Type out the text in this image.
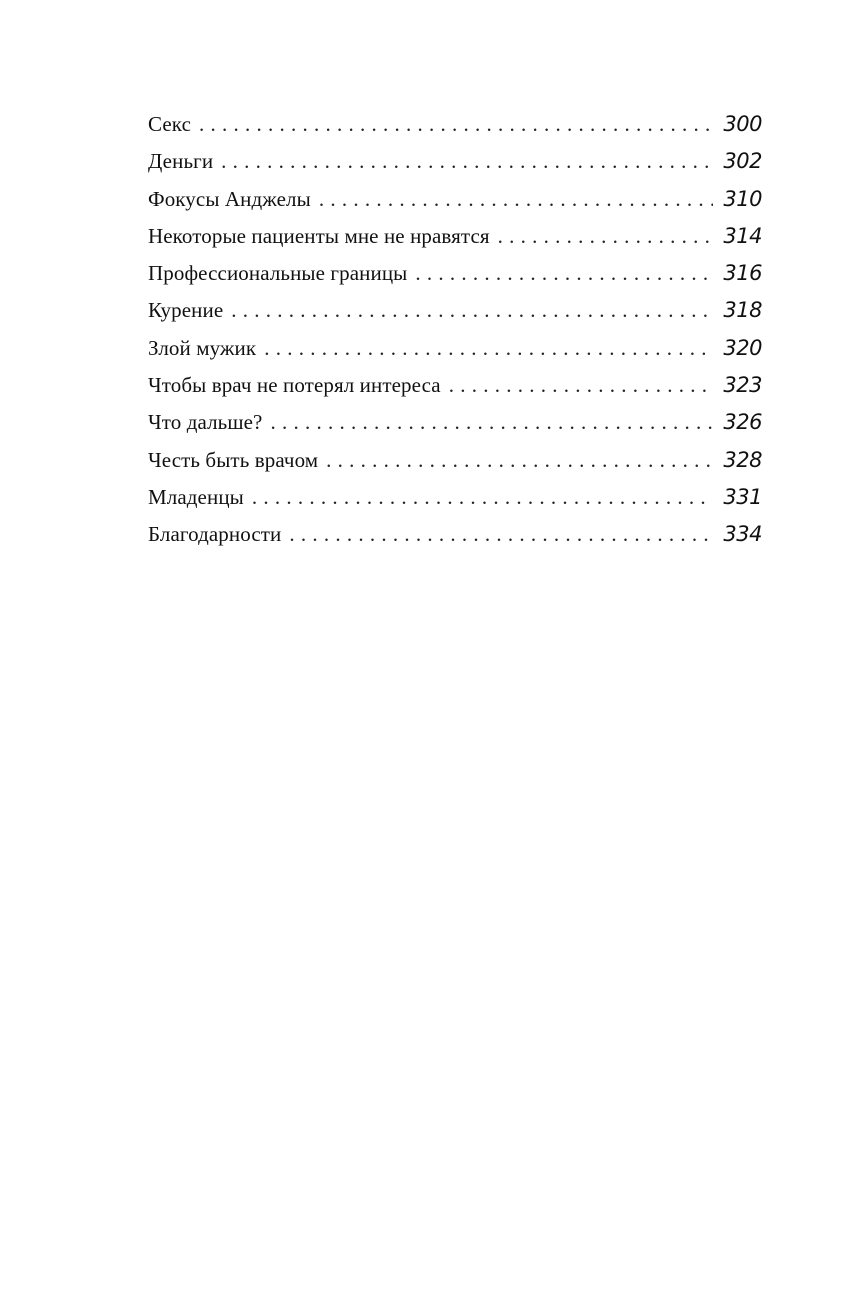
Секс . . .	300
Деньги . . .	302
Фокусы Анджелы . . .	310
Некоторые пациенты мне не нравятся . . .	314
Профессиональные границы . . .	316
Курение . . .	318
Злой мужик . . .	320
Чтобы врач не потерял интереса . . .	323
Что дальше? . . .	326
Честь быть врачом . . .	328
Младенцы . . .	331
Благодарности . . .	334
